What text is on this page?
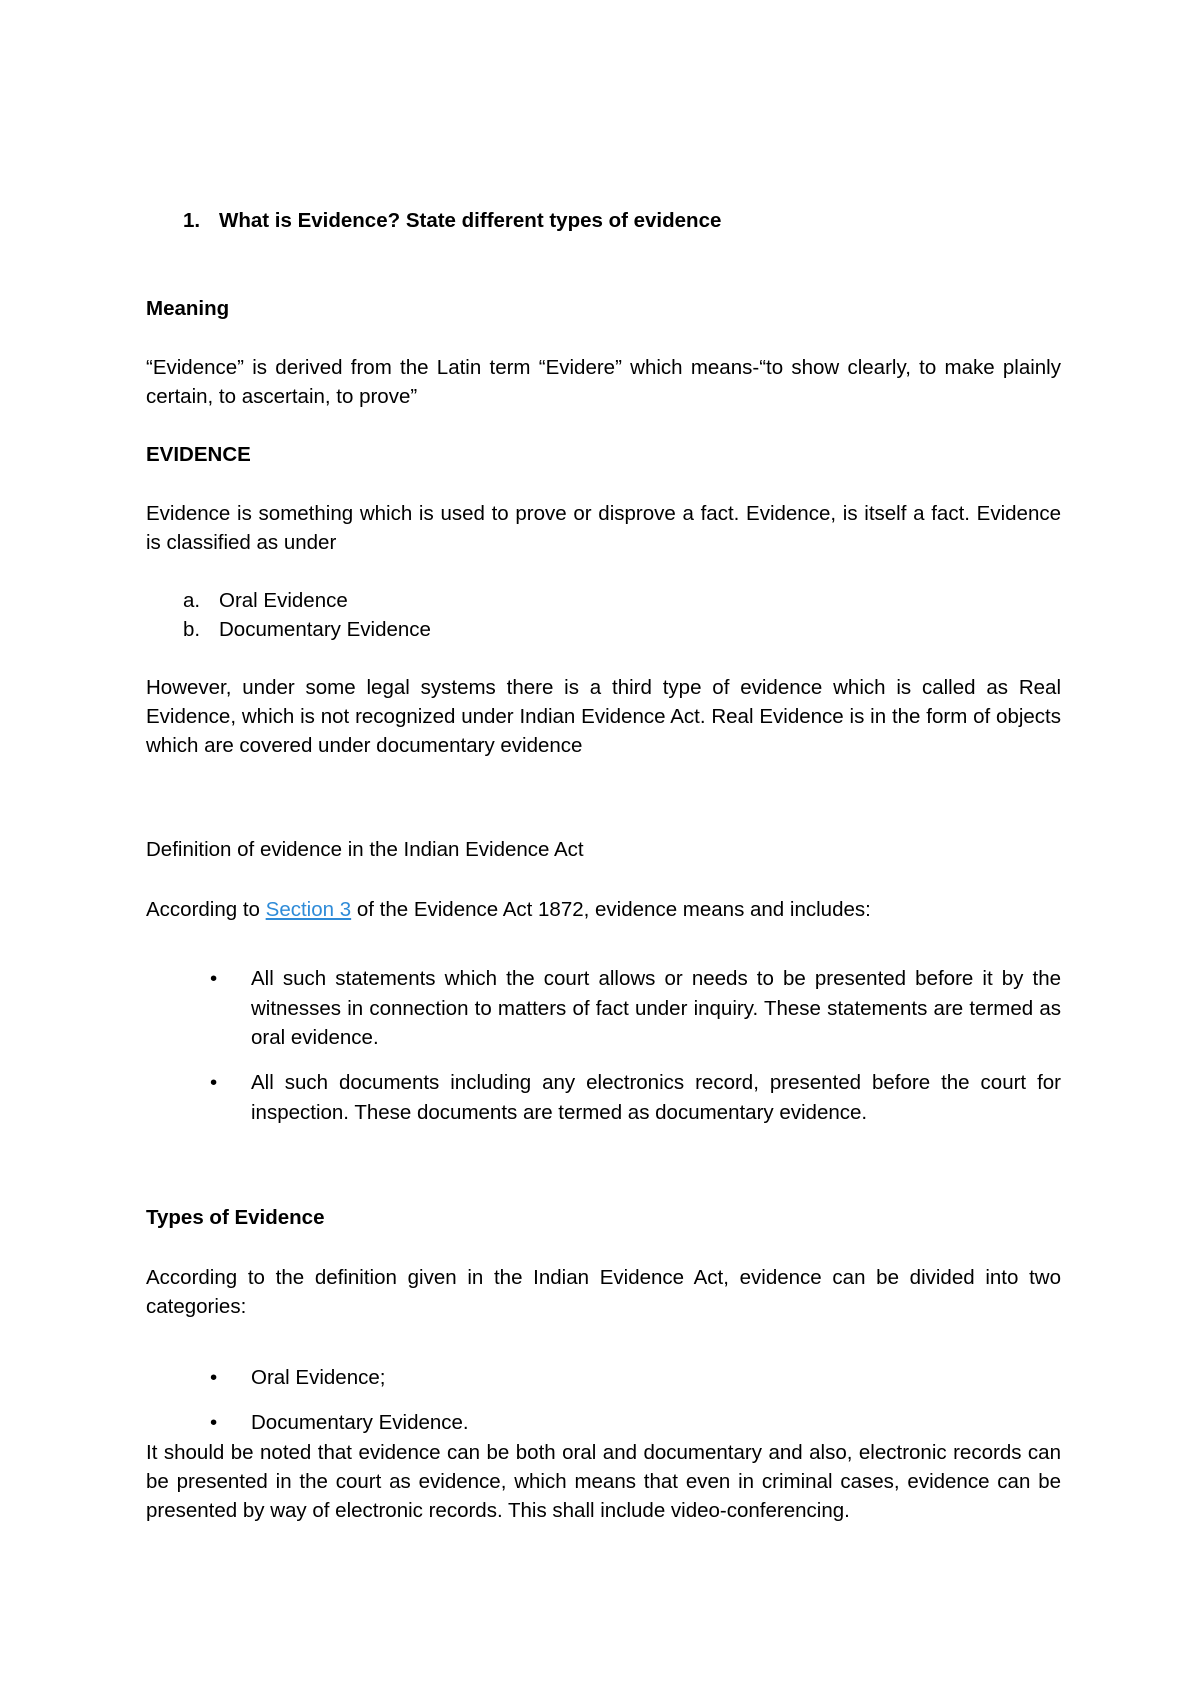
1. What is Evidence? State different types of evidence

Meaning

“Evidence” is derived from the Latin term “Evidere” which means-“to show clearly, to make plainly certain, to ascertain, to prove”

EVIDENCE

Evidence is something which is used to prove or disprove a fact. Evidence, is itself a fact. Evidence is classified as under

a. Oral Evidence
b. Documentary Evidence

However, under some legal systems there is a third type of evidence which is called as Real Evidence, which is not recognized under Indian Evidence Act. Real Evidence is in the form of objects which are covered under documentary evidence

Definition of evidence in the Indian Evidence Act

According to Section 3 of the Evidence Act 1872, evidence means and includes:

• All such statements which the court allows or needs to be presented before it by the witnesses in connection to matters of fact under inquiry. These statements are termed as oral evidence.
• All such documents including any electronics record, presented before the court for inspection. These documents are termed as documentary evidence.

Types of Evidence

According to the definition given in the Indian Evidence Act, evidence can be divided into two categories:

• Oral Evidence;
• Documentary Evidence.

It should be noted that evidence can be both oral and documentary and also, electronic records can be presented in the court as evidence, which means that even in criminal cases, evidence can be presented by way of electronic records. This shall include video-conferencing.
